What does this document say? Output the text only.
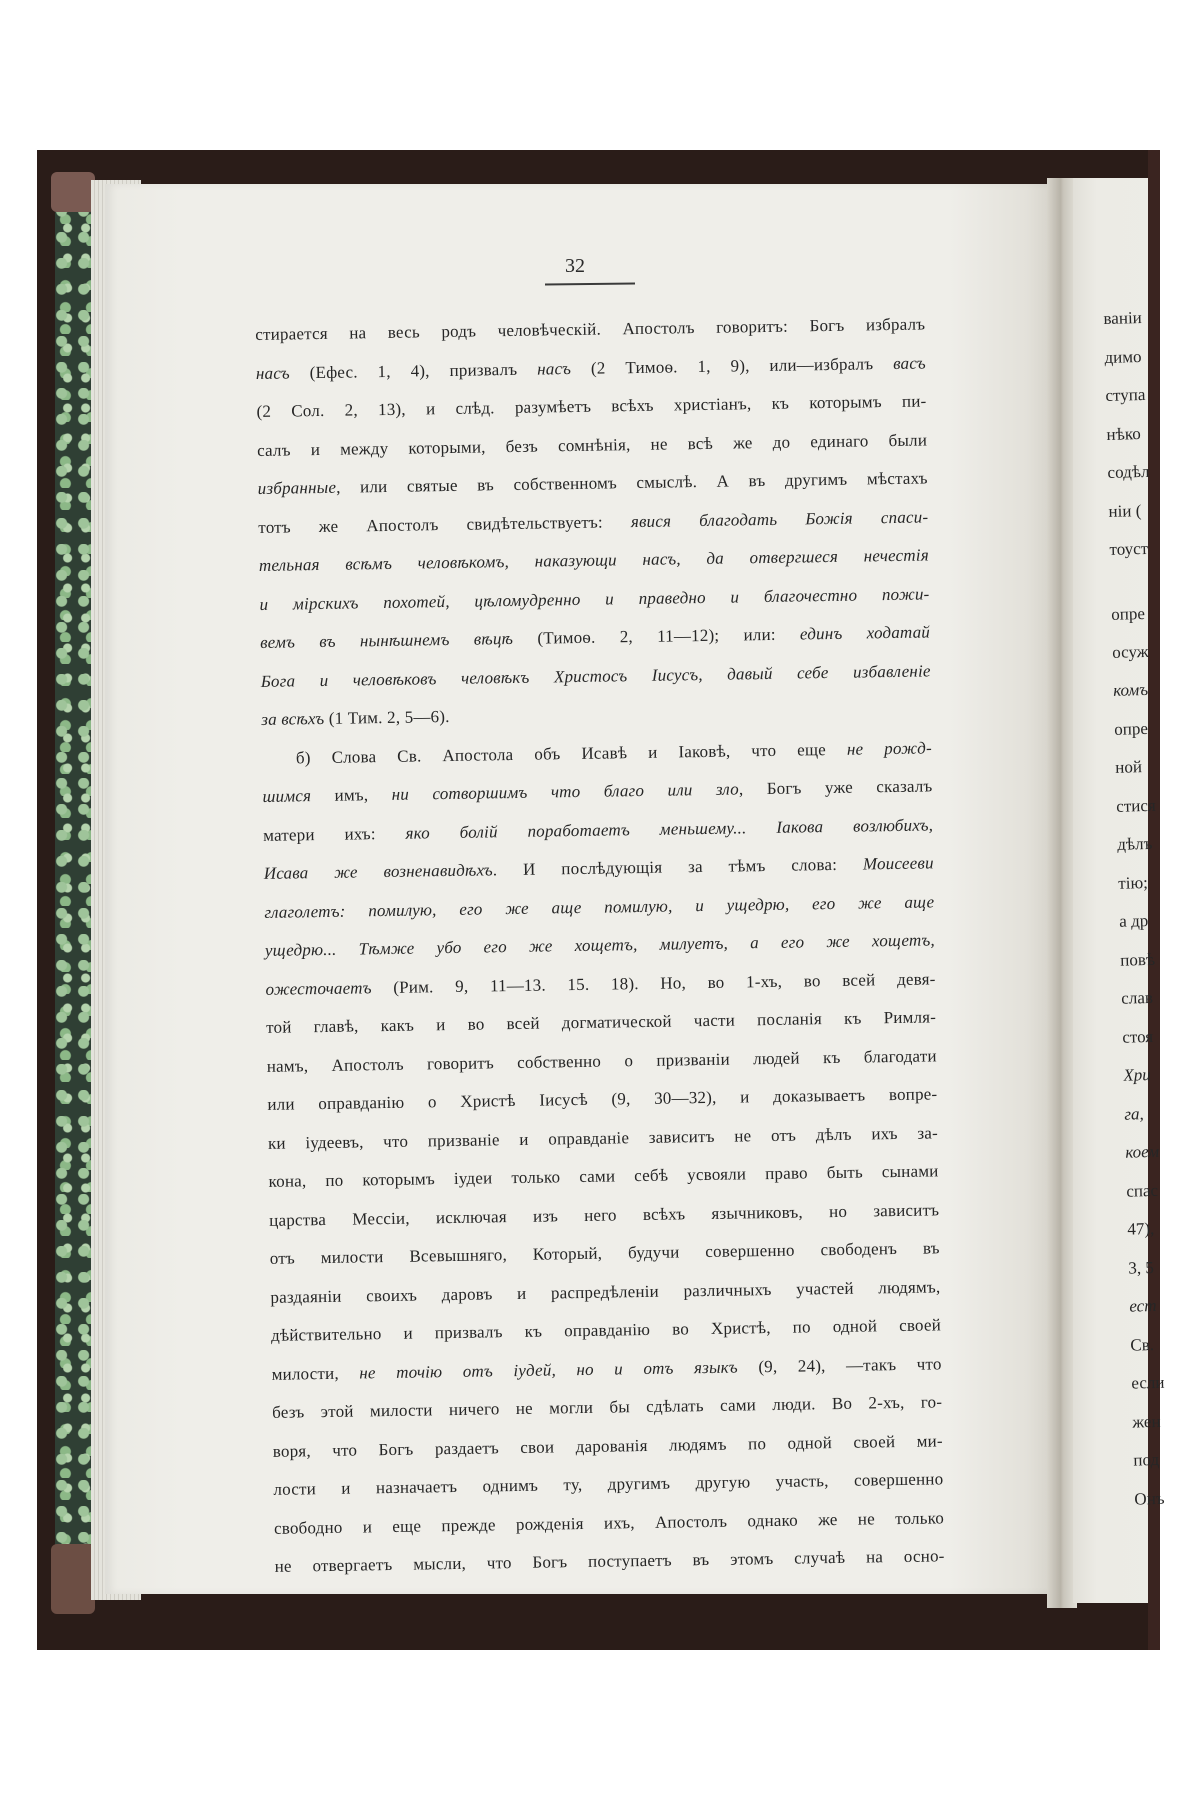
32
стирается на весь родъ человѣческій. Апостолъ говоритъ: Богъ избралъ
насъ (Ефес. 1, 4), призвалъ насъ (2 Тимоѳ. 1, 9), или—избралъ васъ
(2 Сол. 2, 13), и слѣд. разумѣетъ всѣхъ христіанъ, къ которымъ пи-
салъ и между которыми, безъ сомнѣнія, не всѣ же до единаго были
избранные, или святые въ собственномъ смыслѣ. А въ другимъ мѣстахъ
тотъ же Апостолъ свидѣтельствуетъ: явися благодать Божія спаси-
тельная всѣмъ человѣкомъ, наказующи насъ, да отвергшеся нечестія
и мірскихъ похотей, цѣломудренно и праведно и благочестно пожи-
вемъ въ нынѣшнемъ вѣцѣ (Тимоѳ. 2, 11—12); или: единъ ходатай
Бога и человѣковъ человѣкъ Христосъ Іисусъ, давый себе избавленіе
за всѣхъ (1 Тим. 2, 5—6).
б) Слова Св. Апостола объ Исавѣ и Іаковѣ, что еще не рожд-
шимся имъ, ни сотворшимъ что благо или зло, Богъ уже сказалъ
матери ихъ: яко болій поработаетъ меньшему... Іакова возлюбихъ,
Исава же возненавидѣхъ. И послѣдующія за тѣмъ слова: Моисееви
глаголетъ: помилую, его же аще помилую, и ущедрю, его же аще
ущедрю... Тѣмже убо его же хощетъ, милуетъ, а его же хощетъ,
ожесточаетъ (Рим. 9, 11—13. 15. 18). Но, во 1-хъ, во всей девя-
той главѣ, какъ и во всей догматической части посланія къ Римля-
намъ, Апостолъ говоритъ собственно о призваніи людей къ благодати
или оправданію о Христѣ Іисусѣ (9, 30—32), и доказываетъ вопре-
ки іудеевъ, что призваніе и оправданіе зависитъ не отъ дѣлъ ихъ за-
кона, по которымъ іудеи только сами себѣ усвояли право быть сынами
царства Мессіи, исключая изъ него всѣхъ язычниковъ, но зависитъ
отъ милости Всевышняго, Который, будучи совершенно свободенъ въ
раздаяніи своихъ даровъ и распредѣленіи различныхъ участей людямъ,
дѣйствительно и призвалъ къ оправданію во Христѣ, по одной своей
милости, не точію отъ іудей, но и отъ языкъ (9, 24), —такъ что
безъ этой милости ничего не могли бы сдѣлать сами люди. Во 2-хъ, го-
воря, что Богъ раздаетъ свои дарованія людямъ по одной своей ми-
лости и назначаетъ однимъ ту, другимъ другую участь, совершенно
свободно и еще прежде рожденія ихъ, Апостолъ однако же не только
не отвергаетъ мысли, что Богъ поступаетъ въ этомъ случаѣ на осно-
ваніи
димо
ступа
нѣко
содѣл
ніи (
тоуст
опре
осуж
комъ
опре
ной
стися
дѣлъ
тію;
а др
повѣ
слав
стоя
Хри
га,
коем
спас
47),
3, 5
ест
Св.
если
жен
под
Онъ
